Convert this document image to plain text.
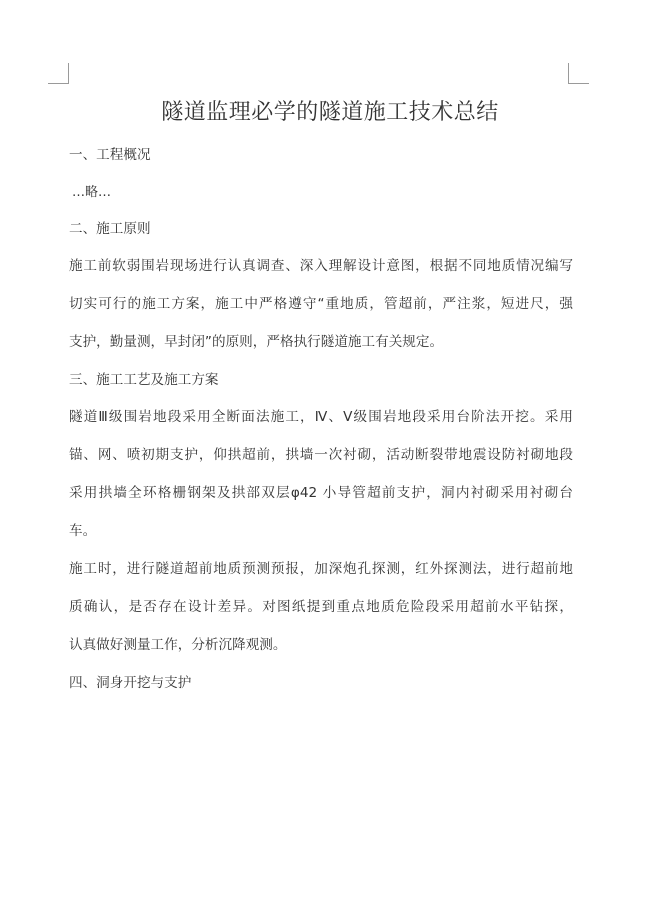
隧道监理必学的隧道施工技术总结
一、工程概况
…略…
二、施工原则
施工前软弱围岩现场进行认真调查、深入理解设计意图，根据不同地质情况编写
切实可行的施工方案，施工中严格遵守“重地质，管超前，严注浆，短进尺，强
支护，勤量测，早封闭”的原则，严格执行隧道施工有关规定。
三、施工工艺及施工方案
隧道Ⅲ级围岩地段采用全断面法施工，Ⅳ、Ⅴ级围岩地段采用台阶法开挖。采用
锚、网、喷初期支护，仰拱超前，拱墙一次衬砌，活动断裂带地震设防衬砌地段
采用拱墙全环格栅钢架及拱部双层φ42 小导管超前支护，洞内衬砌采用衬砌台
车。
施工时，进行隧道超前地质预测预报，加深炮孔探测，红外探测法，进行超前地
质确认，是否存在设计差异。对图纸提到重点地质危险段采用超前水平钻探，
认真做好测量工作，分析沉降观测。
四、洞身开挖与支护
